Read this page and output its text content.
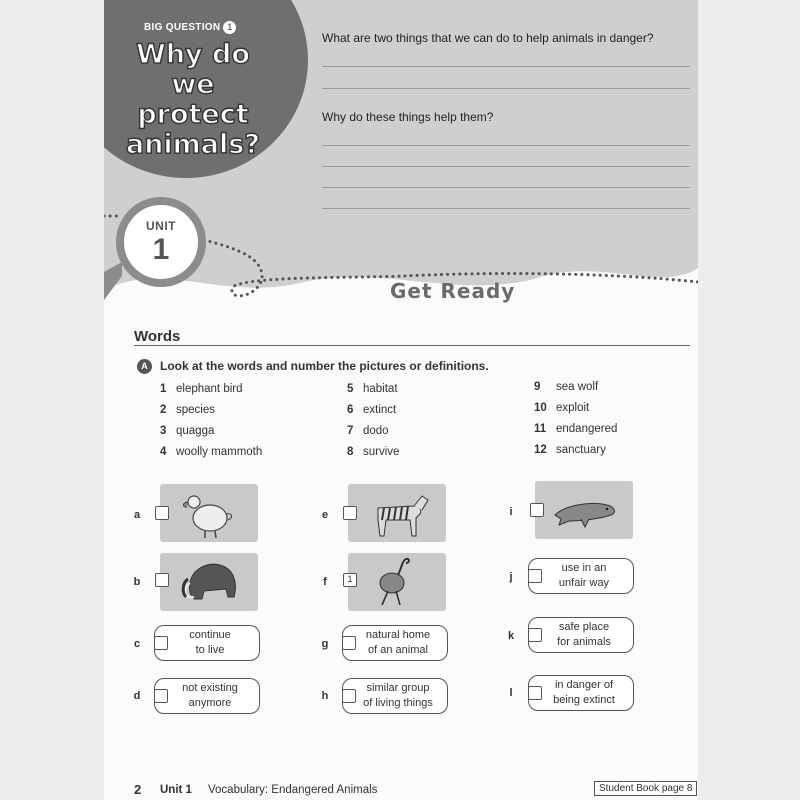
BIG QUESTION 1
Why do we protect animals?
What are two things that we can do to help animals in danger?
Why do these things help them?
UNIT
1
Get Ready
Words
A	Look at the words and number the pictures or definitions.
1 elephant bird
2 species
3 quagga
4 woolly mammoth
5 habitat
6 extinct
7 dodo
8 survive
9 sea wolf
10 exploit
11 endangered
12 sanctuary
a
b
c
continue
to live
d
not existing
anymore
e
f	1
g
natural home
of an animal
h
similar group
of living things
i
j
use in an
unfair way
k
safe place
for animals
l
in danger of
being extinct
2 Unit 1 Vocabulary: Endangered Animals	Student Book page 8
